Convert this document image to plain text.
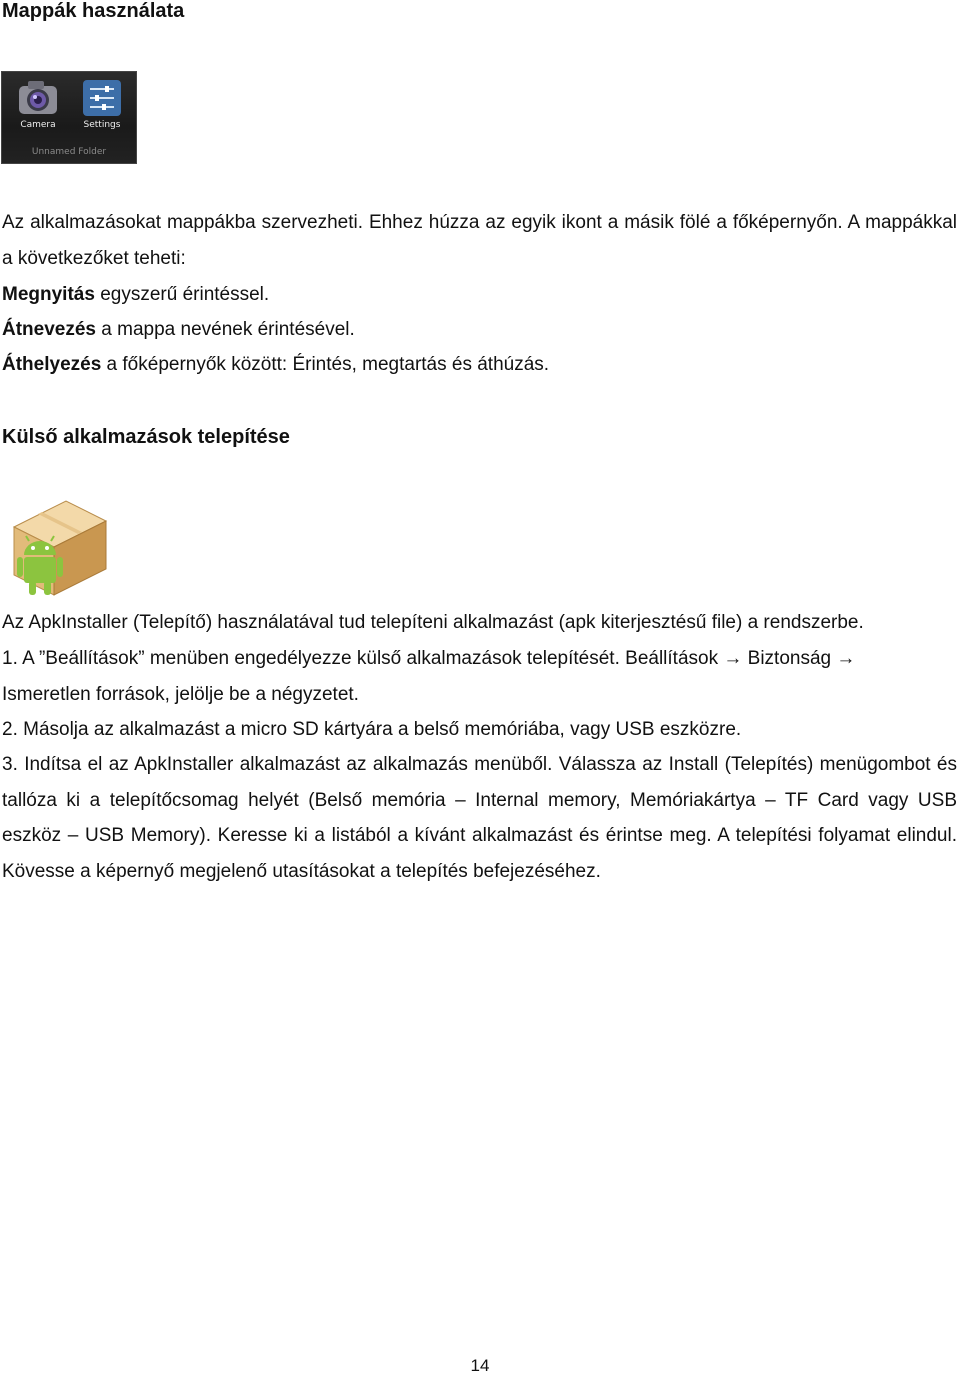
Mappák használata
Camera	Settings
Unnamed Folder

Az alkalmazásokat mappákba szervezheti. Ehhez húzza az egyik ikont a másik fölé a főképernyőn. A mappákkal a következőket teheti:

Megnyitás egyszerű érintéssel.

Átnevezés a mappa nevének érintésével.

Áthelyezés a főképernyők között: Érintés, megtartás és áthúzás.

Külső alkalmazások telepítése

Az ApkInstaller (Telepítő) használatával tud telepíteni alkalmazást (apk kiterjesztésű file) a rendszerbe.

1. A ”Beállítások” menüben engedélyezze külső alkalmazások telepítését. Beállítások → Biztonság →
Ismeretlen források, jelölje be a négyzetet.

2. Másolja az alkalmazást a micro SD kártyára a belső memóriába, vagy USB eszközre.

3. Indítsa el az ApkInstaller alkalmazást az alkalmazás menüből. Válassza az Install (Telepítés) menügombot és tallóza ki a telepítőcsomag helyét (Belső memória – Internal memory, Memóriakártya – TF Card vagy USB eszköz – USB Memory). Keresse ki a listából a kívánt alkalmazást és érintse meg. A telepítési folyamat elindul. Kövesse a képernyő megjelenő utasításokat a telepítés befejezéséhez.

14
